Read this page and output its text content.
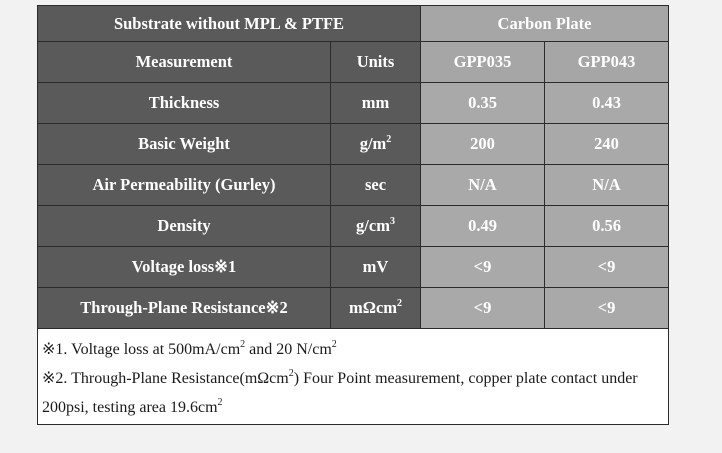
Substrate without MPL & PTFE		Carbon Plate	
Measurement	Units	GPP035	GPP043
Thickness	mm	0.35	0.43
Basic Weight	$g/m^2$	200	240
Air Permeability (Gurley)	sec	N/A	N/A
Density	$g/cm^3$	0.49	0.56
Voltage loss※1	mV	<9	<9
Through-Plane Resistance※2	mΩcm$^2$	<9	<9

※1. Voltage loss at $500mA/cm^2$ and 20 $N/cm^2$
※2. Through-Plane Resistance(mΩcm$^2$) Four Point measurement, copper plate contact under 200psi, testing area $19.6cm^2$
